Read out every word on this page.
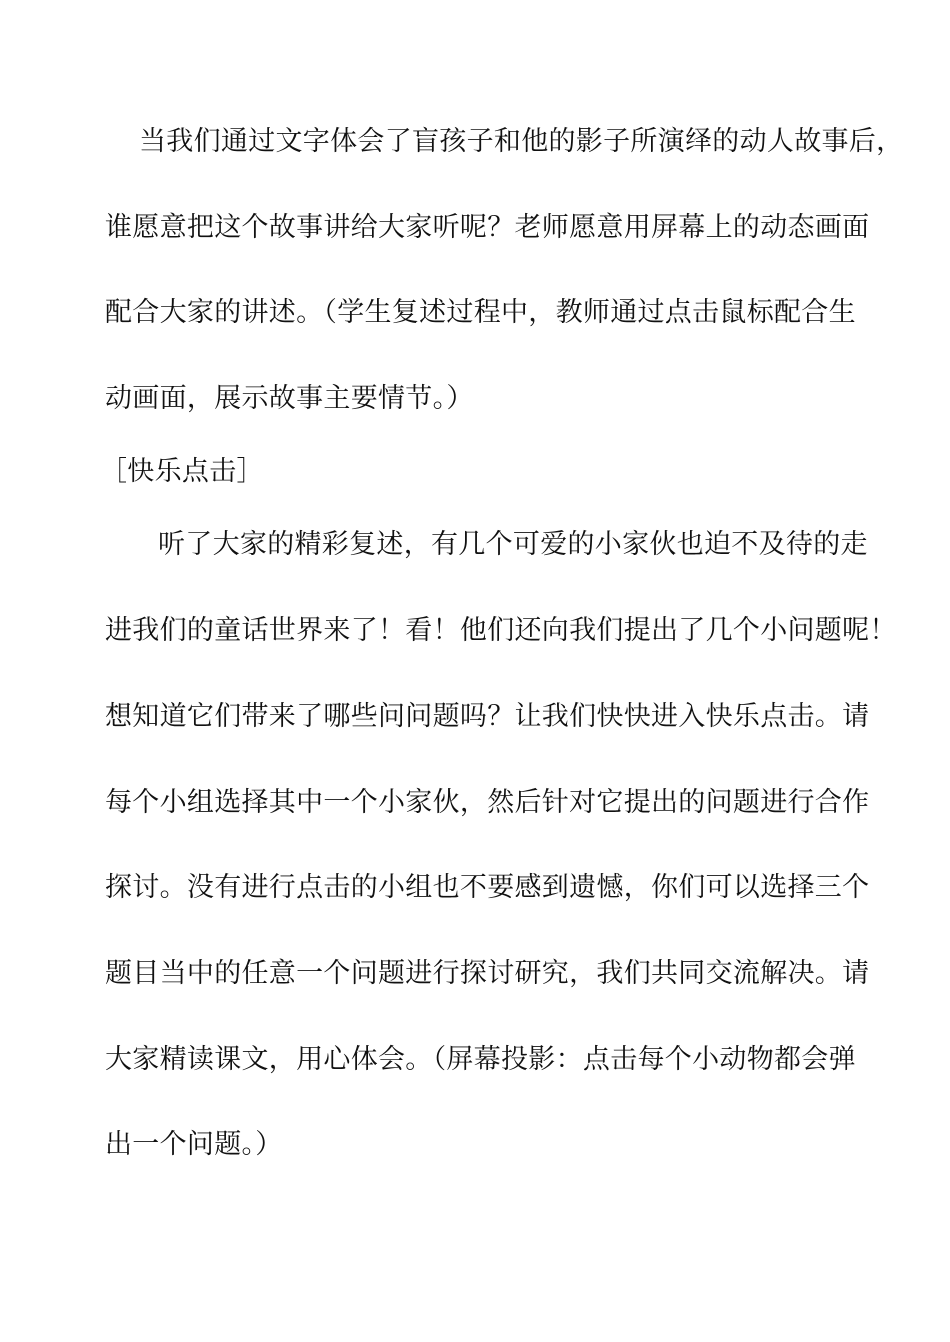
当我们通过文字体会了盲孩子和他的影子所演绎的动人故事后，
谁愿意把这个故事讲给大家听呢？老师愿意用屏幕上的动态画面
配合大家的讲述。（学生复述过程中，教师通过点击鼠标配合生
动画面，展示故事主要情节。）
［快乐点击］
听了大家的精彩复述，有几个可爱的小家伙也迫不及待的走
进我们的童话世界来了！看！他们还向我们提出了几个小问题呢！
想知道它们带来了哪些问问题吗？让我们快快进入快乐点击。请
每个小组选择其中一个小家伙，然后针对它提出的问题进行合作
探讨。没有进行点击的小组也不要感到遗憾，你们可以选择三个
题目当中的任意一个问题进行探讨研究，我们共同交流解决。请
大家精读课文，用心体会。（屏幕投影：点击每个小动物都会弹
出一个问题。）
